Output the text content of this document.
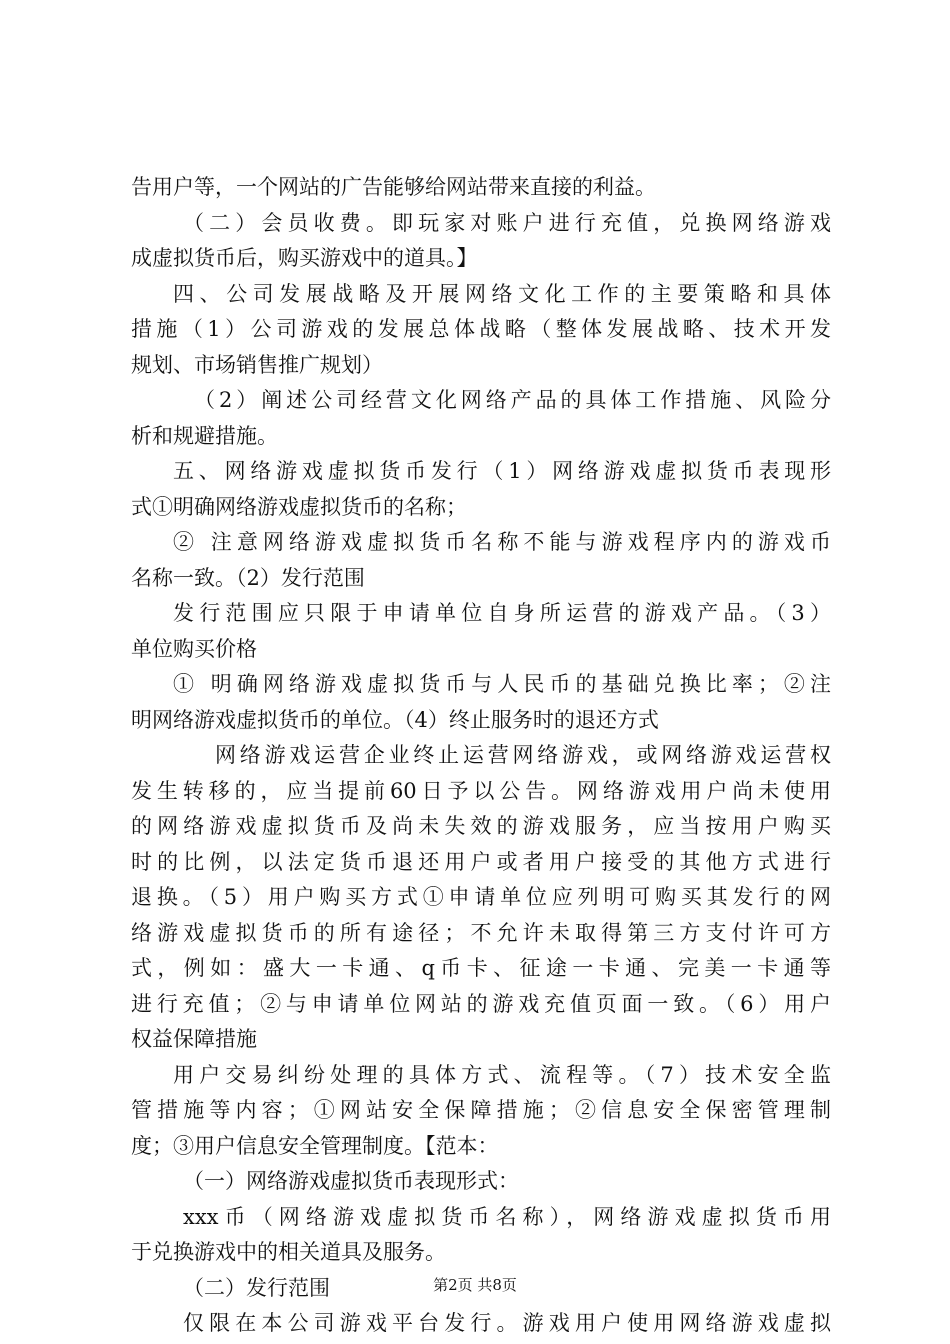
告用户等，一个网站的广告能够给网站带来直接的利益。
（二）会员收费。即玩家对账户进行充值，兑换网络游戏
成虚拟货币后，购买游戏中的道具。】
四、公司发展战略及开展网络文化工作的主要策略和具体
措施（1）公司游戏的发展总体战略（整体发展战略、技术开发
规划、市场销售推广规划）
（2）阐述公司经营文化网络产品的具体工作措施、风险分
析和规避措施。
五、网络游戏虚拟货币发行（1）网络游戏虚拟货币表现形
式①明确网络游戏虚拟货币的名称；
② 注意网络游戏虚拟货币名称不能与游戏程序内的游戏币
名称一致。（2）发行范围
发行范围应只限于申请单位自身所运营的游戏产品。（3）
单位购买价格
① 明确网络游戏虚拟货币与人民币的基础兑换比率；②注
明网络游戏虚拟货币的单位。（4）终止服务时的退还方式
网络游戏运营企业终止运营网络游戏，或网络游戏运营权
发生转移的，应当提前60日予以公告。网络游戏用户尚未使用
的网络游戏虚拟货币及尚未失效的游戏服务，应当按用户购买
时的比例，以法定货币退还用户或者用户接受的其他方式进行
退换。（5）用户购买方式①申请单位应列明可购买其发行的网
络游戏虚拟货币的所有途径；不允许未取得第三方支付许可方
式，例如：盛大一卡通、q币卡、征途一卡通、完美一卡通等
进行充值；②与申请单位网站的游戏充值页面一致。（6）用户
权益保障措施
用户交易纠纷处理的具体方式、流程等。（7）技术安全监
管措施等内容；①网站安全保障措施；②信息安全保密管理制
度；③用户信息安全管理制度。【范本：
（一）网络游戏虚拟货币表现形式：
xxx币（网络游戏虚拟货币名称），网络游戏虚拟货币用
于兑换游戏中的相关道具及服务。
（二）发行范围
仅限在本公司游戏平台发行。游戏用户使用网络游戏虚拟
第2页 共8页
